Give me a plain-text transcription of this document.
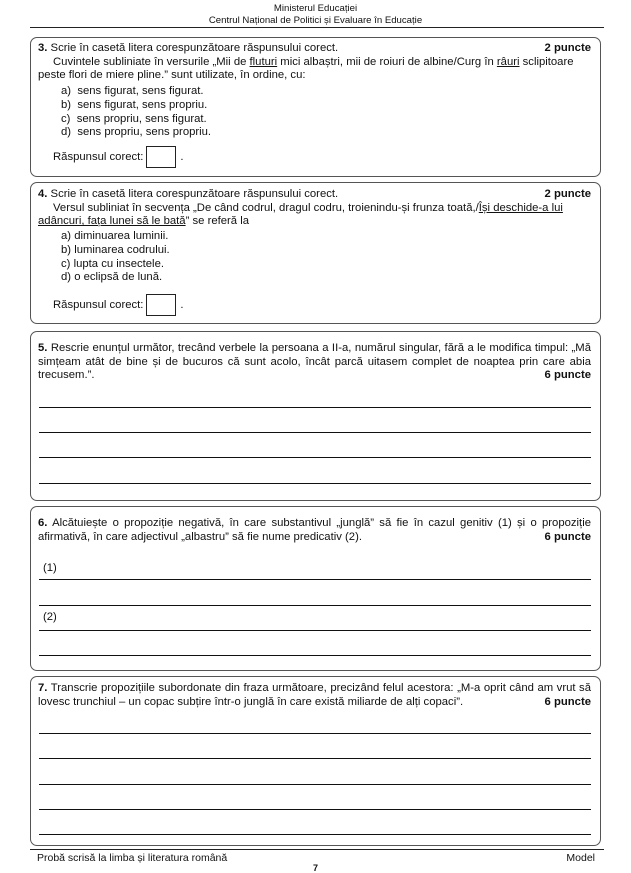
Ministerul Educației
Centrul Național de Politici și Evaluare în Educație
2 puncte
3. Scrie în casetă litera corespunzătoare răspunsului corect.
Cuvintele subliniate în versurile „Mii de fluturi mici albaștri, mii de roiuri de albine/Curg în râuri sclipitoare peste flori de miere pline.” sunt utilizate, în ordine, cu:
a) sens figurat, sens figurat.
b) sens figurat, sens propriu.
c) sens propriu, sens figurat.
d) sens propriu, sens propriu.
Răspunsul corect:	.
2 puncte
4. Scrie în casetă litera corespunzătoare răspunsului corect.
Versul subliniat în secvența „De când codrul, dragul codru, troienindu-și frunza toată,/Își deschide-a lui adâncuri, fața lunei să le bată” se referă la
a) diminuarea luminii.
b) luminarea codrului.
c) lupta cu insectele.
d) o eclipsă de lună.
Răspunsul corect:	.
5. Rescrie enunțul următor, trecând verbele la persoana a II-a, numărul singular, fără a le modifica timpul: „Mă simțeam atât de bine și de bucuros că sunt acolo, încât parcă uitasem complet de noaptea prin care abia trecusem.”.	6 puncte
6. Alcătuiește o propoziție negativă, în care substantivul „junglă” să fie în cazul genitiv (1) și o propoziție afirmativă, în care adjectivul „albastru” să fie nume predicativ (2).	6 puncte
(1)
(2)
7. Transcrie propozițiile subordonate din fraza următoare, precizând felul acestora: „M-a oprit când am vrut să lovesc trunchiul – un copac subțire într-o junglă în care există miliarde de alți copaci”.	6 puncte
Probă scrisă la limba și literatura română	Model
7
